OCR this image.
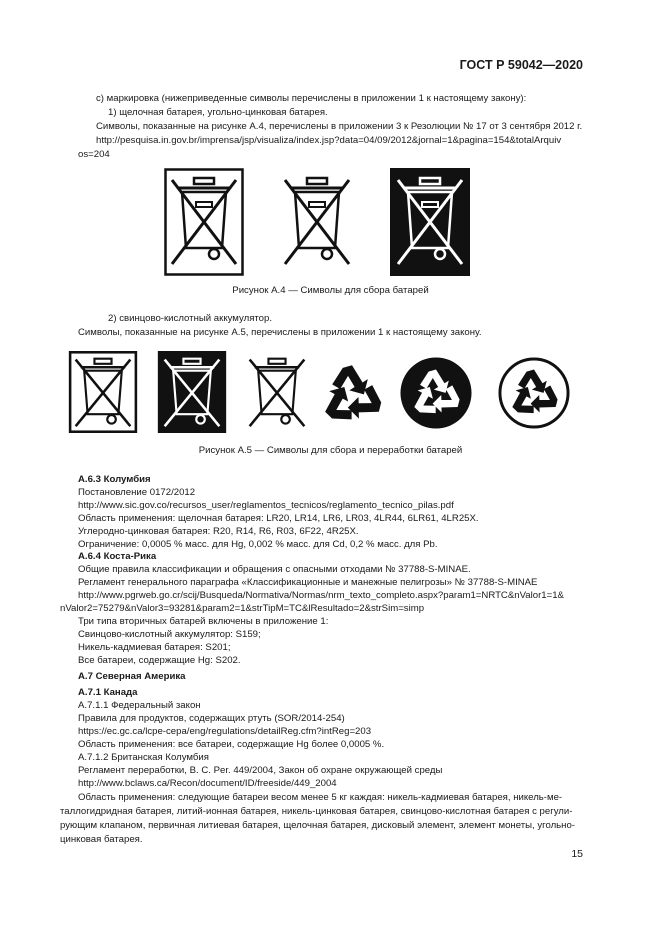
ГОСТ Р 59042—2020
с) маркировка (нижеприведенные символы перечислены в приложении 1 к настоящему закону):
1) щелочная батарея, угольно-цинковая батарея.
Символы, показанные на рисунке А.4, перечислены в приложении 3 к Резолюции № 17 от 3 сентября 2012 г.
http://pesquisa.in.gov.br/imprensa/jsp/visualiza/index.jsp?data=04/09/2012&jornal=1&pagina=154&totalArquiv
os=204
Рисунок А.4 — Символы для сбора батарей
2) свинцово-кислотный аккумулятор.
Символы, показанные на рисунке А.5, перечислены в приложении 1 к настоящему закону.
Рисунок А.5 — Символы для сбора и переработки батарей
А.6.3 Колумбия
Постановление 0172/2012
http://www.sic.gov.co/recursos_user/reglamentos_tecnicos/reglamento_tecnico_pilas.pdf
Область применения: щелочная батарея: LR20, LR14, LR6, LR03, 4LR44, 6LR61, 4LR25X.
Углеродно-цинковая батарея: R20, R14, R6, R03, 6F22, 4R25X.
Ограничение: 0,0005 % масс. для Hg, 0,002 % масс. для Cd, 0,2 % масс. для Pb.
А.6.4 Коста-Рика
Общие правила классификации и обращения с опасными отходами № 37788-S-MINAE.
Регламент генерального параграфа «Классификационные и манежные пелигрозы» № 37788-S-MINAE
http://www.pgrweb.go.cr/scij/Busqueda/Normativa/Normas/nrm_texto_completo.aspx?param1=NRTC&nValor1=1&
nValor2=75279&nValor3=93281&param2=1&strTipM=TC&lResultado=2&strSim=simp
Три типа вторичных батарей включены в приложение 1:
Свинцово-кислотный аккумулятор: S159;
Никель-кадмиевая батарея: S201;
Все батареи, содержащие Hg: S202.
А.7 Северная Америка
А.7.1 Канада
А.7.1.1 Федеральный закон
Правила для продуктов, содержащих ртуть (SOR/2014-254)
https://ec.gc.ca/lcpe-cepa/eng/regulations/detailReg.cfm?intReg=203
Область применения: все батареи, содержащие Hg более 0,0005 %.
А.7.1.2 Британская Колумбия
Регламент переработки, B. C. Per. 449/2004, Закон об охране окружающей среды
http://www.bclaws.ca/Recon/document/ID/freeside/449_2004
Область применения: следующие батареи весом менее 5 кг каждая: никель-кадмиевая батарея, никель-ме-
таллогидридная батарея, литий-ионная батарея, никель-цинковая батарея, свинцово-кислотная батарея с регули-
рующим клапаном, первичная литиевая батарея, щелочная батарея, дисковый элемент, элемент монеты, угольно-
цинковая батарея.
15
